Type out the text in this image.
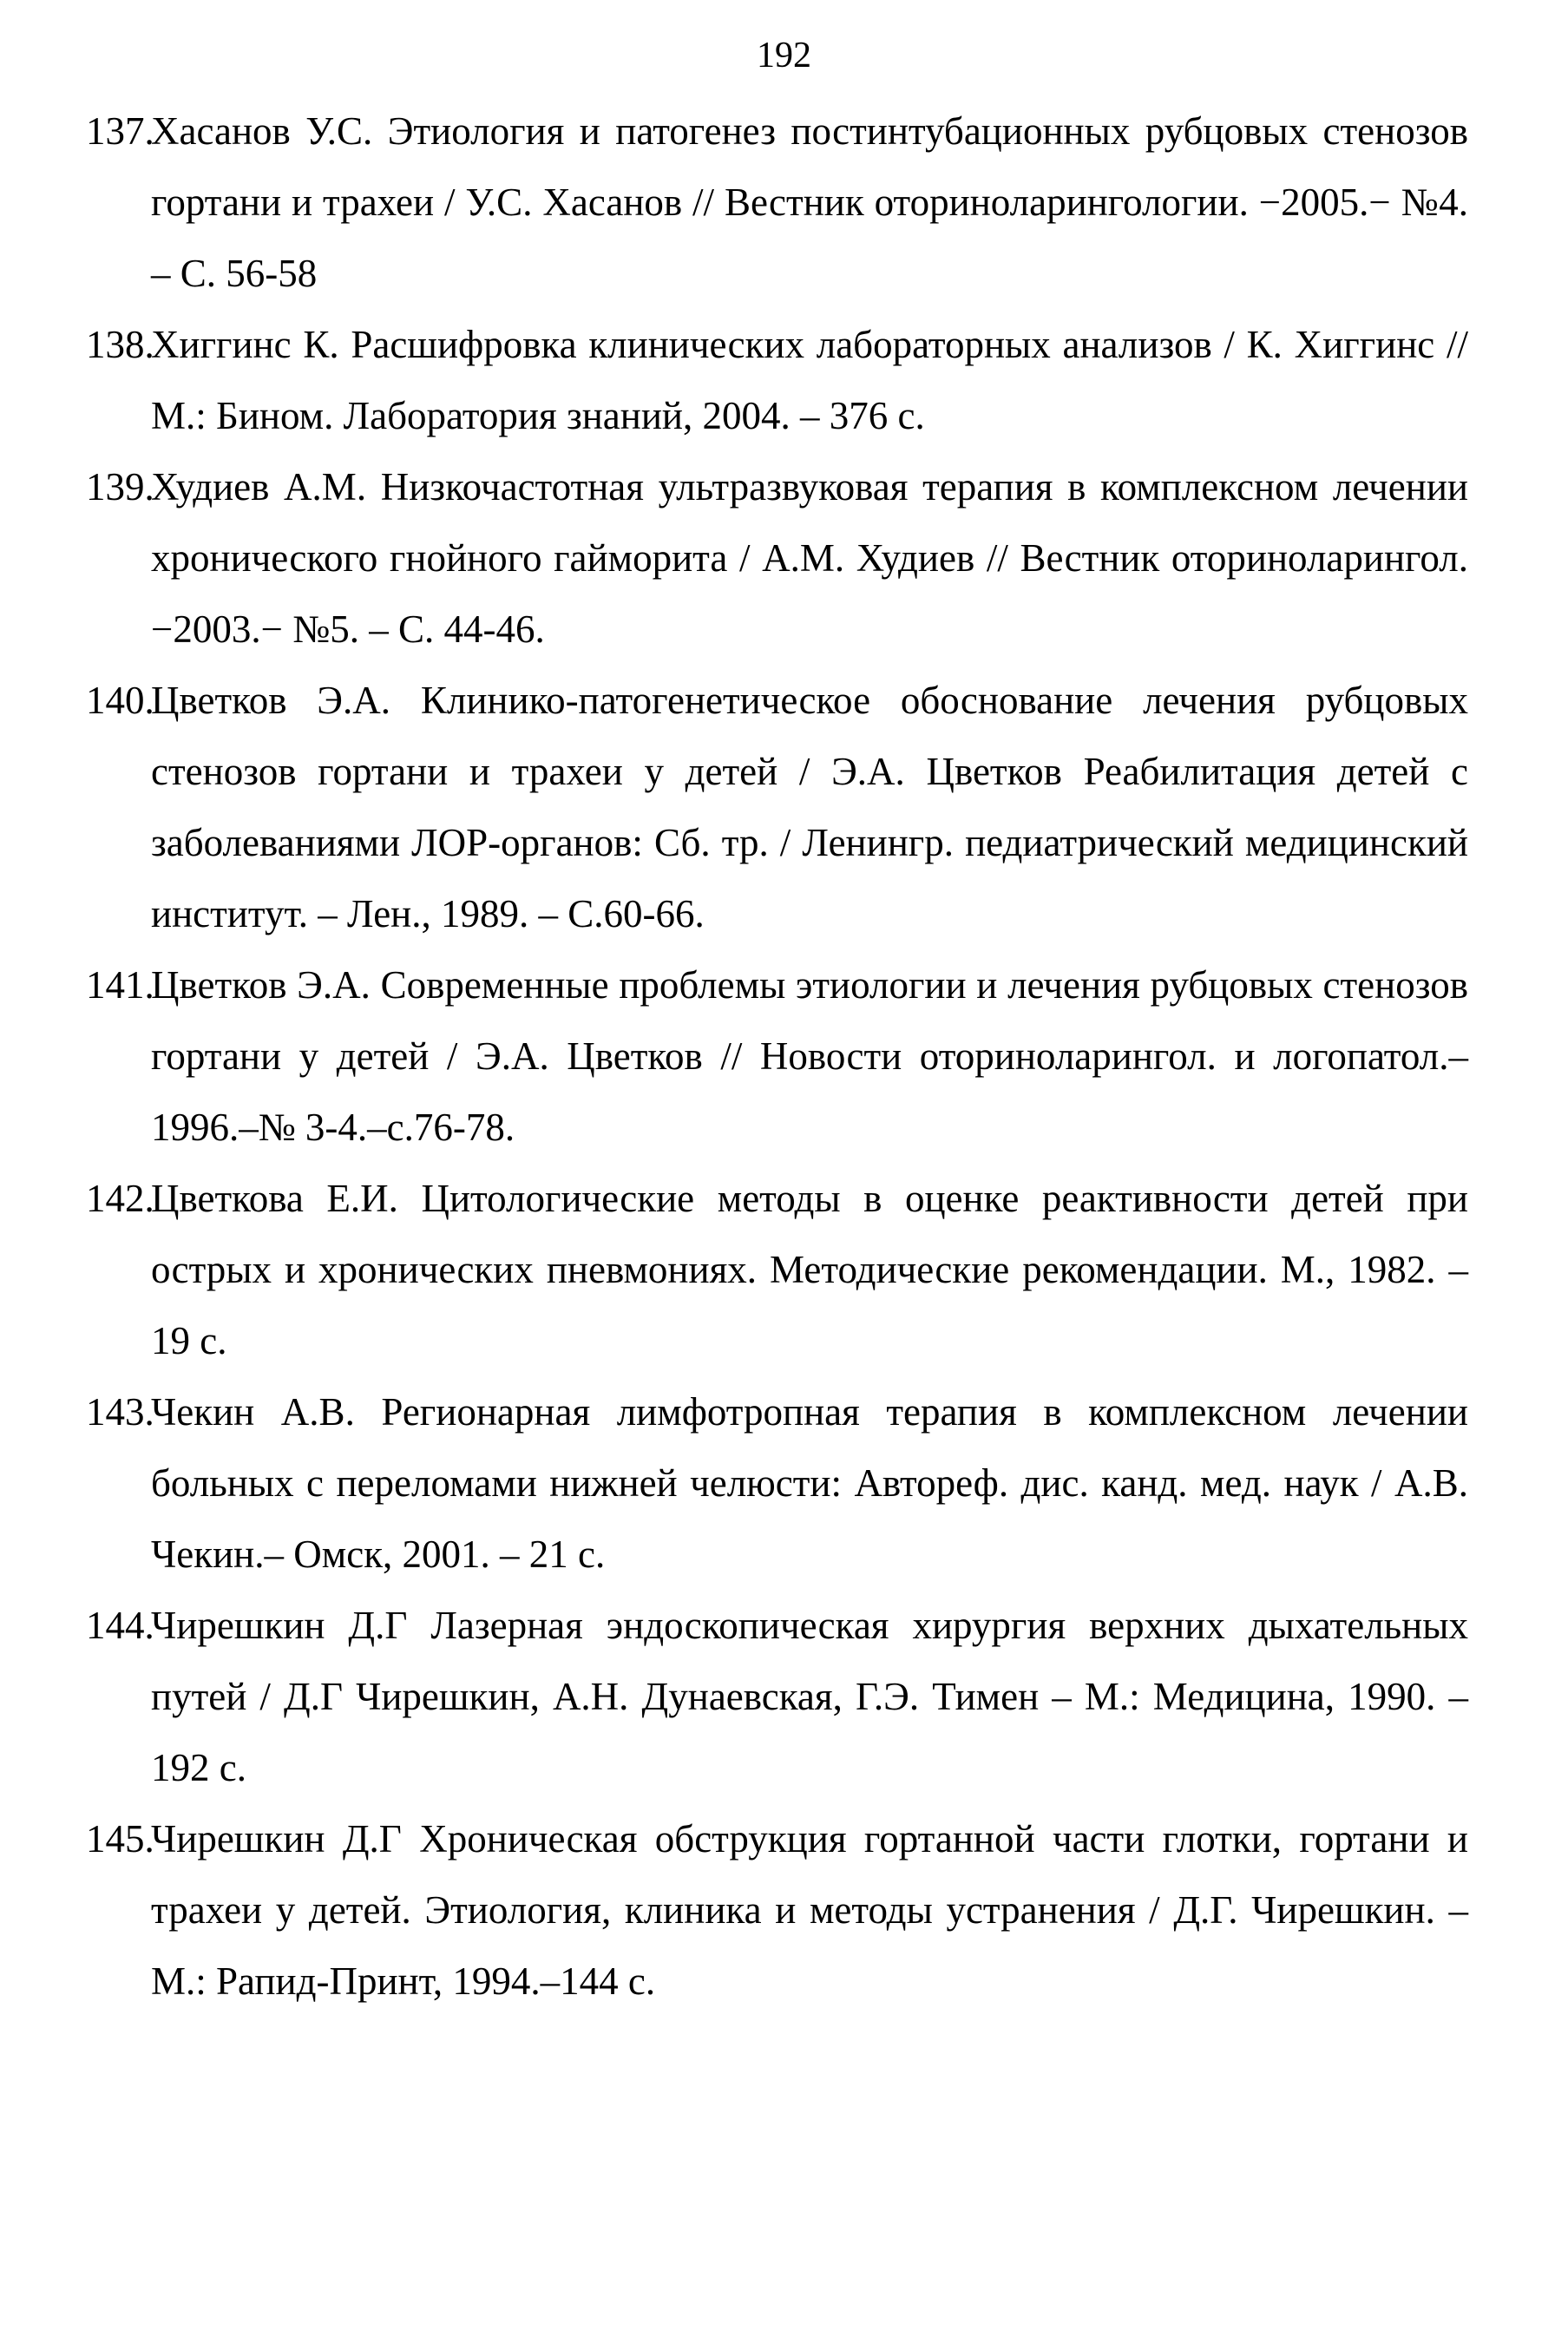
192
137.
Хасанов У.С. Этиология и патогенез постинтубационных рубцовых стенозов гортани и трахеи / У.С. Хасанов // Вестник оториноларингологии. −2005.− №4. – С. 56-58
138.
Хиггинс К. Расшифровка клинических лабораторных анализов / К. Хиггинс // М.: Бином. Лаборатория знаний, 2004. – 376 с.
139.
Худиев А.М. Низкочастотная ультразвуковая терапия в комплексном лечении хронического гнойного гайморита / А.М. Худиев // Вестник оториноларингол. −2003.− №5. – С. 44-46.
140.
Цветков Э.А. Клинико-патогенетическое обоснование лечения рубцовых стенозов гортани и трахеи у детей / Э.А. Цветков Реабилитация детей с заболеваниями ЛОР-органов: Сб. тр. / Ленингр. педиатрический медицинский институт. – Лен., 1989. – С.60-66.
141.
Цветков Э.А. Современные проблемы этиологии и лечения рубцовых стенозов гортани у детей / Э.А. Цветков // Новости оториноларингол. и логопатол.–1996.–№ 3-4.–с.76-78.
142.
Цветкова Е.И. Цитологические методы в оценке реактивности детей при острых и хронических пневмониях. Методические рекомендации. М., 1982. – 19 с.
143.
Чекин А.В. Регионарная лимфотропная терапия в комплексном лечении больных с переломами нижней челюсти: Автореф. дис. канд. мед. наук / А.В. Чекин.– Омск, 2001. – 21 с.
144.
Чирешкин Д.Г Лазерная эндоскопическая хирургия верхних дыхательных путей / Д.Г Чирешкин, А.Н. Дунаевская, Г.Э. Тимен – М.: Медицина, 1990. – 192 с.
145.
Чирешкин Д.Г Хроническая обструкция гортанной части глотки, гортани и трахеи у детей. Этиология, клиника и методы устранения / Д.Г. Чирешкин. – М.: Рапид-Принт, 1994.–144 с.
